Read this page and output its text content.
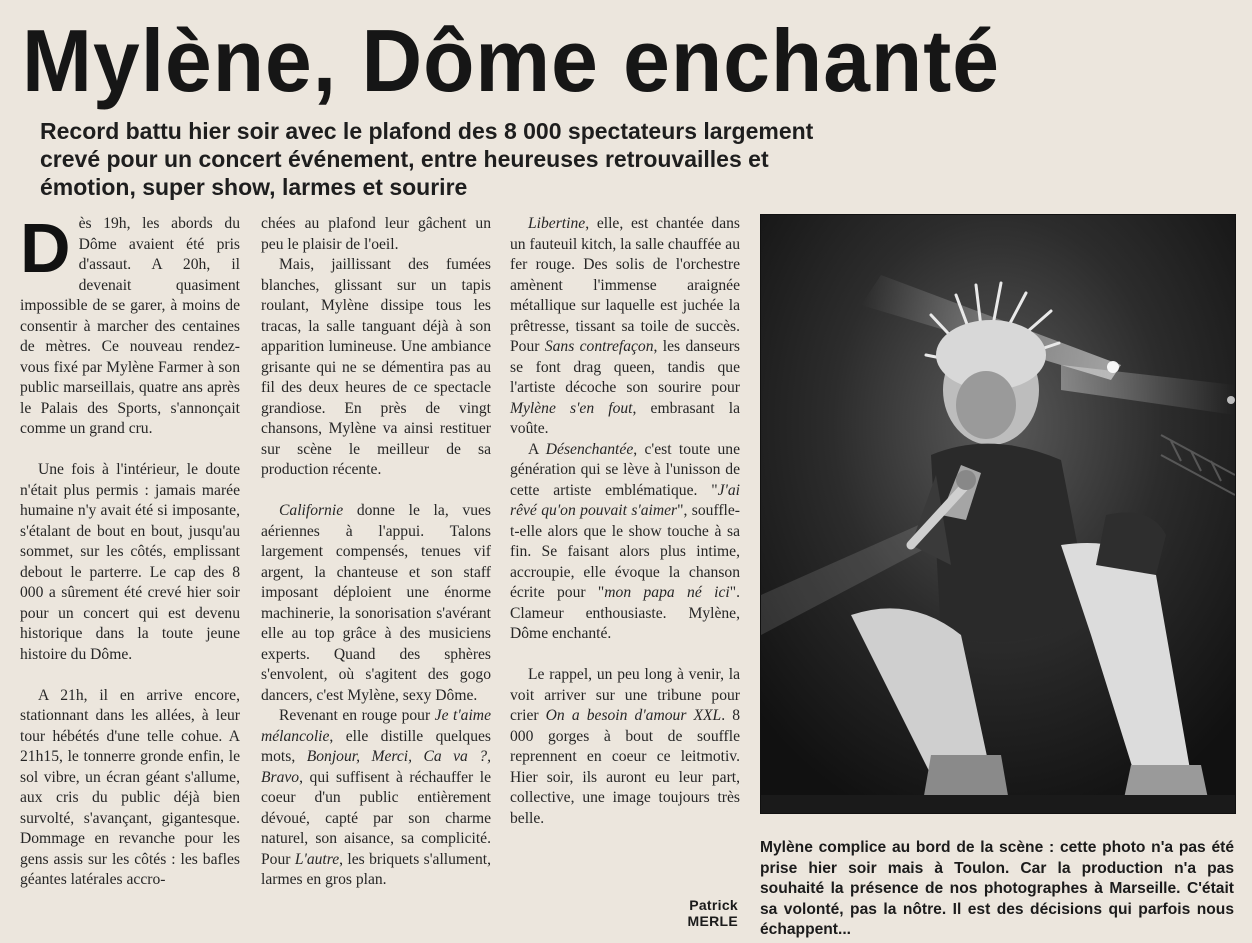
Mylène, Dôme enchanté
Record battu hier soir avec le plafond des 8 000 spectateurs largement
crevé pour un concert événement, entre heureuses retrouvailles et
émotion, super show, larmes et sourire

Dès 19h, les abords du Dôme avaient été pris d'assaut. A 20h, il devenait quasiment impossible de se garer, à moins de consentir à marcher des centaines de mètres. Ce nouveau rendez-vous fixé par Mylène Farmer à son public marseillais, quatre ans après le Palais des Sports, s'annonçait comme un grand cru.

Une fois à l'intérieur, le doute n'était plus permis : jamais marée humaine n'y avait été si imposante, s'étalant de bout en bout, jusqu'au sommet, sur les côtés, emplissant debout le parterre. Le cap des 8 000 a sûrement été crevé hier soir pour un concert qui est devenu historique dans la toute jeune histoire du Dôme.

A 21h, il en arrive encore, stationnant dans les allées, à leur tour hébétés d'une telle cohue. A 21h15, le tonnerre gronde enfin, le sol vibre, un écran géant s'allume, aux cris du public déjà bien survolté, s'avançant, gigantesque. Dommage en revanche pour les gens assis sur les côtés : les bafles géantes latérales accro-

chées au plafond leur gâchent un peu le plaisir de l'oeil.

Mais, jaillissant des fumées blanches, glissant sur un tapis roulant, Mylène dissipe tous les tracas, la salle tanguant déjà à son apparition lumineuse. Une ambiance grisante qui ne se démentira pas au fil des deux heures de ce spectacle grandiose. En près de vingt chansons, Mylène va ainsi restituer sur scène le meilleur de sa production récente.

Californie donne le la, vues aériennes à l'appui. Talons largement compensés, tenues vif argent, la chanteuse et son staff imposant déploient une énorme machinerie, la sonorisation s'avérant elle au top grâce à des musiciens experts. Quand des sphères s'envolent, où s'agitent des gogo dancers, c'est Mylène, sexy Dôme.

Revenant en rouge pour Je t'aime mélancolie, elle distille quelques mots, Bonjour, Merci, Ca va ?, Bravo, qui suffisent à réchauffer le coeur d'un public entièrement dévoué, capté par son charme naturel, son aisance, sa complicité. Pour L'autre, les briquets s'allument, larmes en gros plan.

Libertine, elle, est chantée dans un fauteuil kitch, la salle chauffée au fer rouge. Des solis de l'orchestre amènent l'immense araignée métallique sur laquelle est juchée la prêtresse, tissant sa toile de succès. Pour Sans contrefaçon, les danseurs se font drag queen, tandis que l'artiste décoche son sourire pour Mylène s'en fout, embrasant la voûte.

A Désenchantée, c'est toute une génération qui se lève à l'unisson de cette artiste emblématique. "J'ai rêvé qu'on pouvait s'aimer", souffle-t-elle alors que le show touche à sa fin. Se faisant alors plus intime, accroupie, elle évoque la chanson écrite pour "mon papa né ici". Clameur enthousiaste. Mylène, Dôme enchanté.

Le rappel, un peu long à venir, la voit arriver sur une tribune pour crier On a besoin d'amour XXL. 8 000 gorges à bout de souffle reprennent en coeur ce leitmotiv. Hier soir, ils auront eu leur part, collective, une image toujours très belle.

Patrick MERLE
Mylène complice au bord de la scène : cette photo n'a pas été prise hier soir mais à Toulon. Car la production n'a pas souhaité la présence de nos photographes à Marseille. C'était sa volonté, pas la nôtre. Il est des décisions qui parfois nous échappent...
